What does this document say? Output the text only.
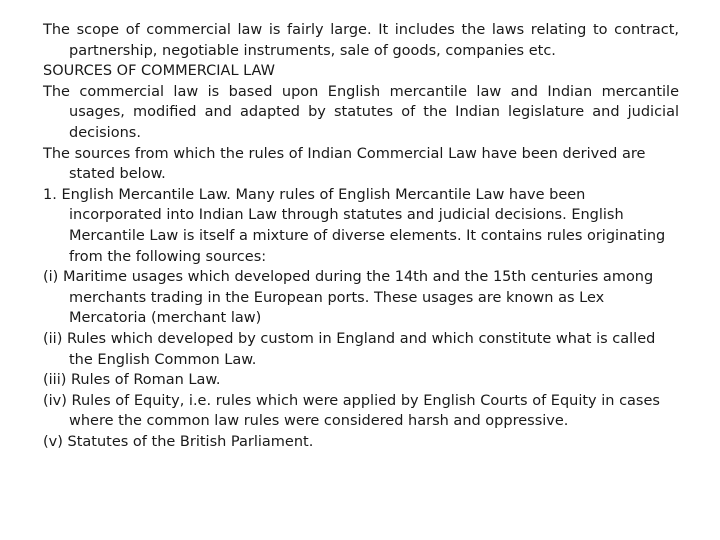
The scope of commercial law is fairly large. It includes the laws relating to contract, partnership, negotiable instruments, sale of goods, companies etc.

SOURCES OF COMMERCIAL LAW

The commercial law is based upon English mercantile law and Indian mercantile usages, modified and adapted by statutes of the Indian legislature and judicial decisions.

The sources from which the rules of Indian Commercial Law have been derived are stated below.

1. English Mercantile Law. Many rules of English Mercantile Law have been incorporated into Indian Law through statutes and judicial decisions. English Mercantile Law is itself a mixture of diverse elements. It contains rules originating from the following sources:

(i) Maritime usages which developed during the 14th and the 15th centuries among merchants trading in the European ports. These usages are known as Lex Mercatoria (merchant law)

(ii) Rules which developed by custom in England and which constitute what is called the English Common Law.

(iii) Rules of Roman Law.

(iv) Rules of Equity, i.e. rules which were applied by English Courts of Equity in cases where the common law rules were considered harsh and oppressive.

(v) Statutes of the British Parliament.
